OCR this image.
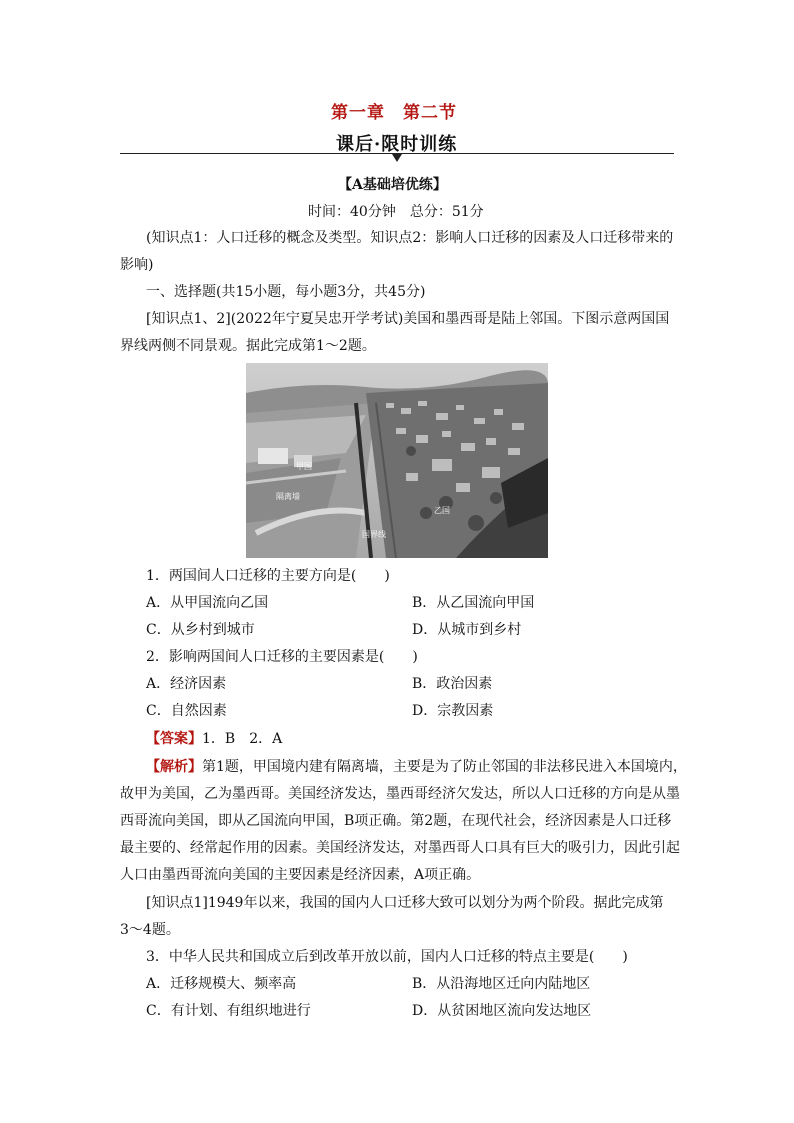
第一章　第二节
课后·限时训练
【A基础培优练】
时间：40分钟　总分：51分
(知识点1：人口迁移的概念及类型。知识点2：影响人口迁移的因素及人口迁移带来的
影响)
一、选择题(共15小题，每小题3分，共45分)
[知识点1、2](2022年宁夏吴忠开学考试)美国和墨西哥是陆上邻国。下图示意两国国
界线两侧不同景观。据此完成第1～2题。
甲国
隔离墙
乙国
国界线
1．两国间人口迁移的主要方向是(　　)
A．从甲国流向乙国	B．从乙国流向甲国
C．从乡村到城市	D．从城市到乡村
2．影响两国间人口迁移的主要因素是(　　)
A．经济因素	B．政治因素
C．自然因素	D．宗教因素
【答案】1．B　2．A
【解析】第1题，甲国境内建有隔离墙，主要是为了防止邻国的非法移民进入本国境内，
故甲为美国，乙为墨西哥。美国经济发达，墨西哥经济欠发达，所以人口迁移的方向是从墨
西哥流向美国，即从乙国流向甲国，B项正确。第2题，在现代社会，经济因素是人口迁移
最主要的、经常起作用的因素。美国经济发达，对墨西哥人口具有巨大的吸引力，因此引起
人口由墨西哥流向美国的主要因素是经济因素，A项正确。
[知识点1]1949年以来，我国的国内人口迁移大致可以划分为两个阶段。据此完成第
3～4题。
3．中华人民共和国成立后到改革开放以前，国内人口迁移的特点主要是(　　)
A．迁移规模大、频率高	B．从沿海地区迁向内陆地区
C．有计划、有组织地进行	D．从贫困地区流向发达地区
